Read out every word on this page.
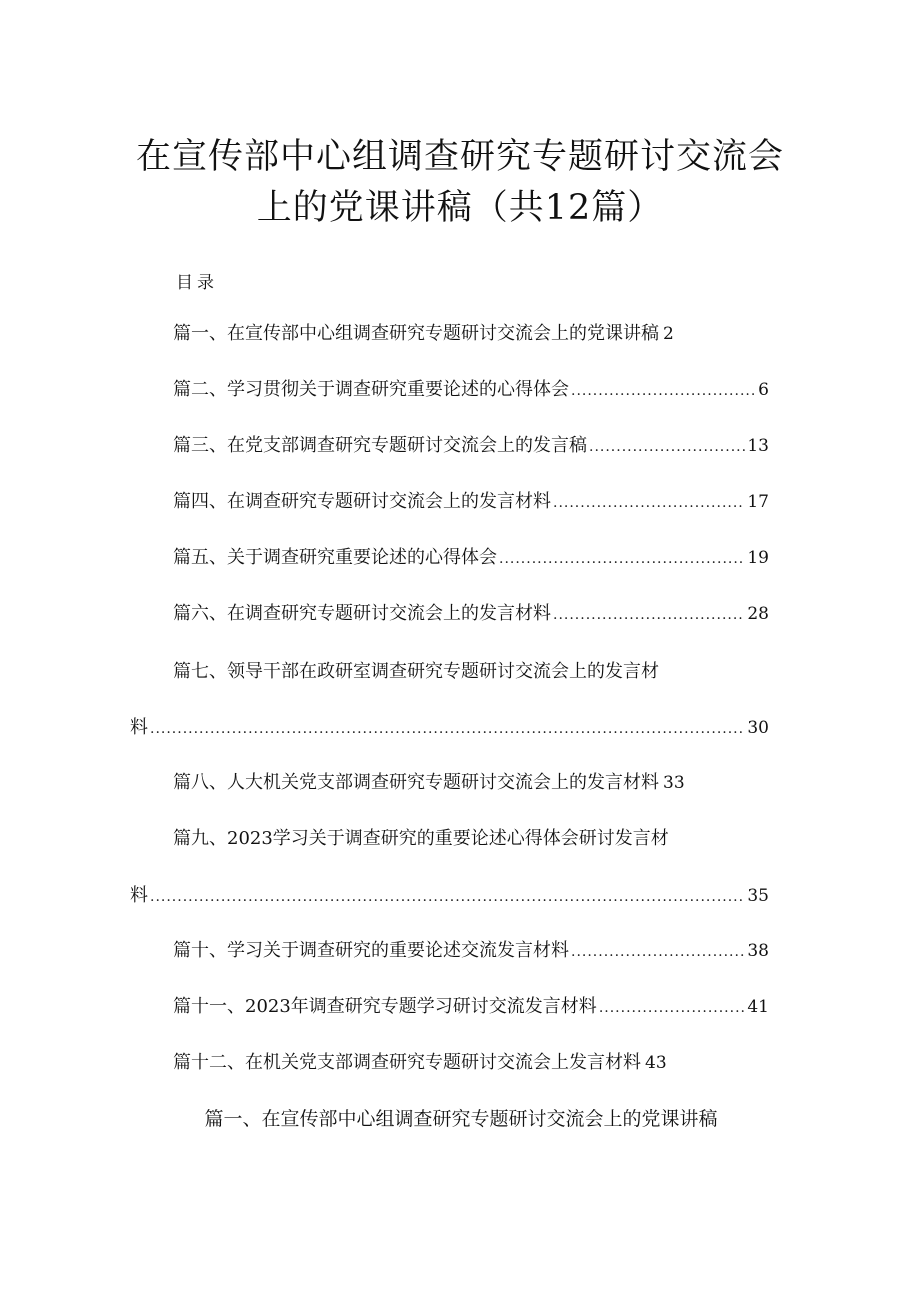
在宣传部中心组调查研究专题研讨交流会
上的党课讲稿（共12篇）
目录
篇一、在宣传部中心组调查研究专题研讨交流会上的党课讲稿 2
篇二、学习贯彻关于调查研究重要论述的心得体会 .....	6
篇三、在党支部调查研究专题研讨交流会上的发言稿 .....	13
篇四、在调查研究专题研讨交流会上的发言材料 .....	17
篇五、关于调查研究重要论述的心得体会 .....	19
篇六、在调查研究专题研讨交流会上的发言材料 .....	28
篇七、领导干部在政研室调查研究专题研讨交流会上的发言材
料 .....	30
篇八、人大机关党支部调查研究专题研讨交流会上的发言材料 33
篇九、2023学习关于调查研究的重要论述心得体会研讨发言材
料 .....	35
篇十、学习关于调查研究的重要论述交流发言材料 .....	38
篇十一、2023年调查研究专题学习研讨交流发言材料 .....	41
篇十二、在机关党支部调查研究专题研讨交流会上发言材料 43
篇一、在宣传部中心组调查研究专题研讨交流会上的党课讲稿
